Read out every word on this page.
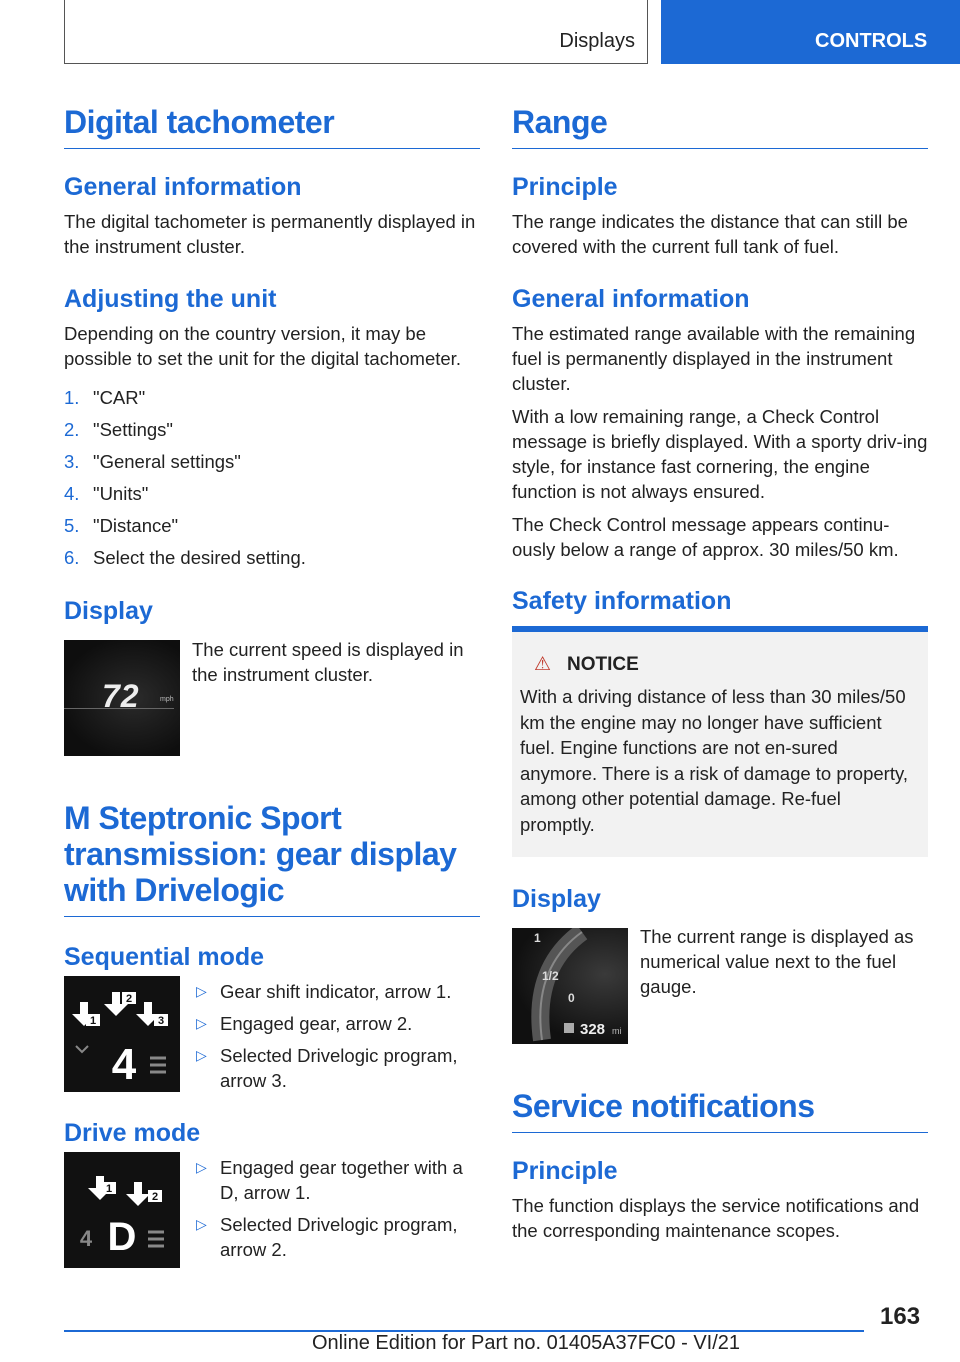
Displays	CONTROLS
Digital tachometer
General information

The digital tachometer is permanently displayed in the instrument cluster.

Adjusting the unit

Depending on the country version, it may be possible to set the unit for the digital tachometer.

1. "CAR"
2. "Settings"
3. "General settings"
4. "Units"
5. "Distance"
6. Select the desired setting.
Display
72	mph

The current speed is displayed in the instrument cluster.

M Steptronic Sport transmission: gear display with Drivelogic
Sequential mode
1
2
3
4
▷ Gear shift indicator, arrow 1.
▷ Engaged gear, arrow 2.
▷ Selected Drivelogic program, arrow 3.
Drive mode
1
2
4 D
▷ Engaged gear together with a D, arrow 1.
▷ Selected Drivelogic program, arrow 2.
Range
Principle

The range indicates the distance that can still be covered with the current full tank of fuel.

General information

The estimated range available with the remaining fuel is permanently displayed in the instrument cluster.

With a low remaining range, a Check Control message is briefly displayed. With a sporty driv-ing style, for instance fast cornering, the engine function is not always ensured.

The Check Control message appears continu-ously below a range of approx. 30 miles/50 km.

Safety information
⚠ NOTICE

With a driving distance of less than 30 miles/50 km the engine may no longer have sufficient fuel. Engine functions are not en-sured anymore. There is a risk of damage to property, among other potential damage. Re-fuel promptly.

Display
1
1/2
0
328 mi

The current range is displayed as numerical value next to the fuel gauge.

Service notifications
Principle

The function displays the service notifications and the corresponding maintenance scopes.

163
Online Edition for Part no. 01405A37FC0 - VI/21
